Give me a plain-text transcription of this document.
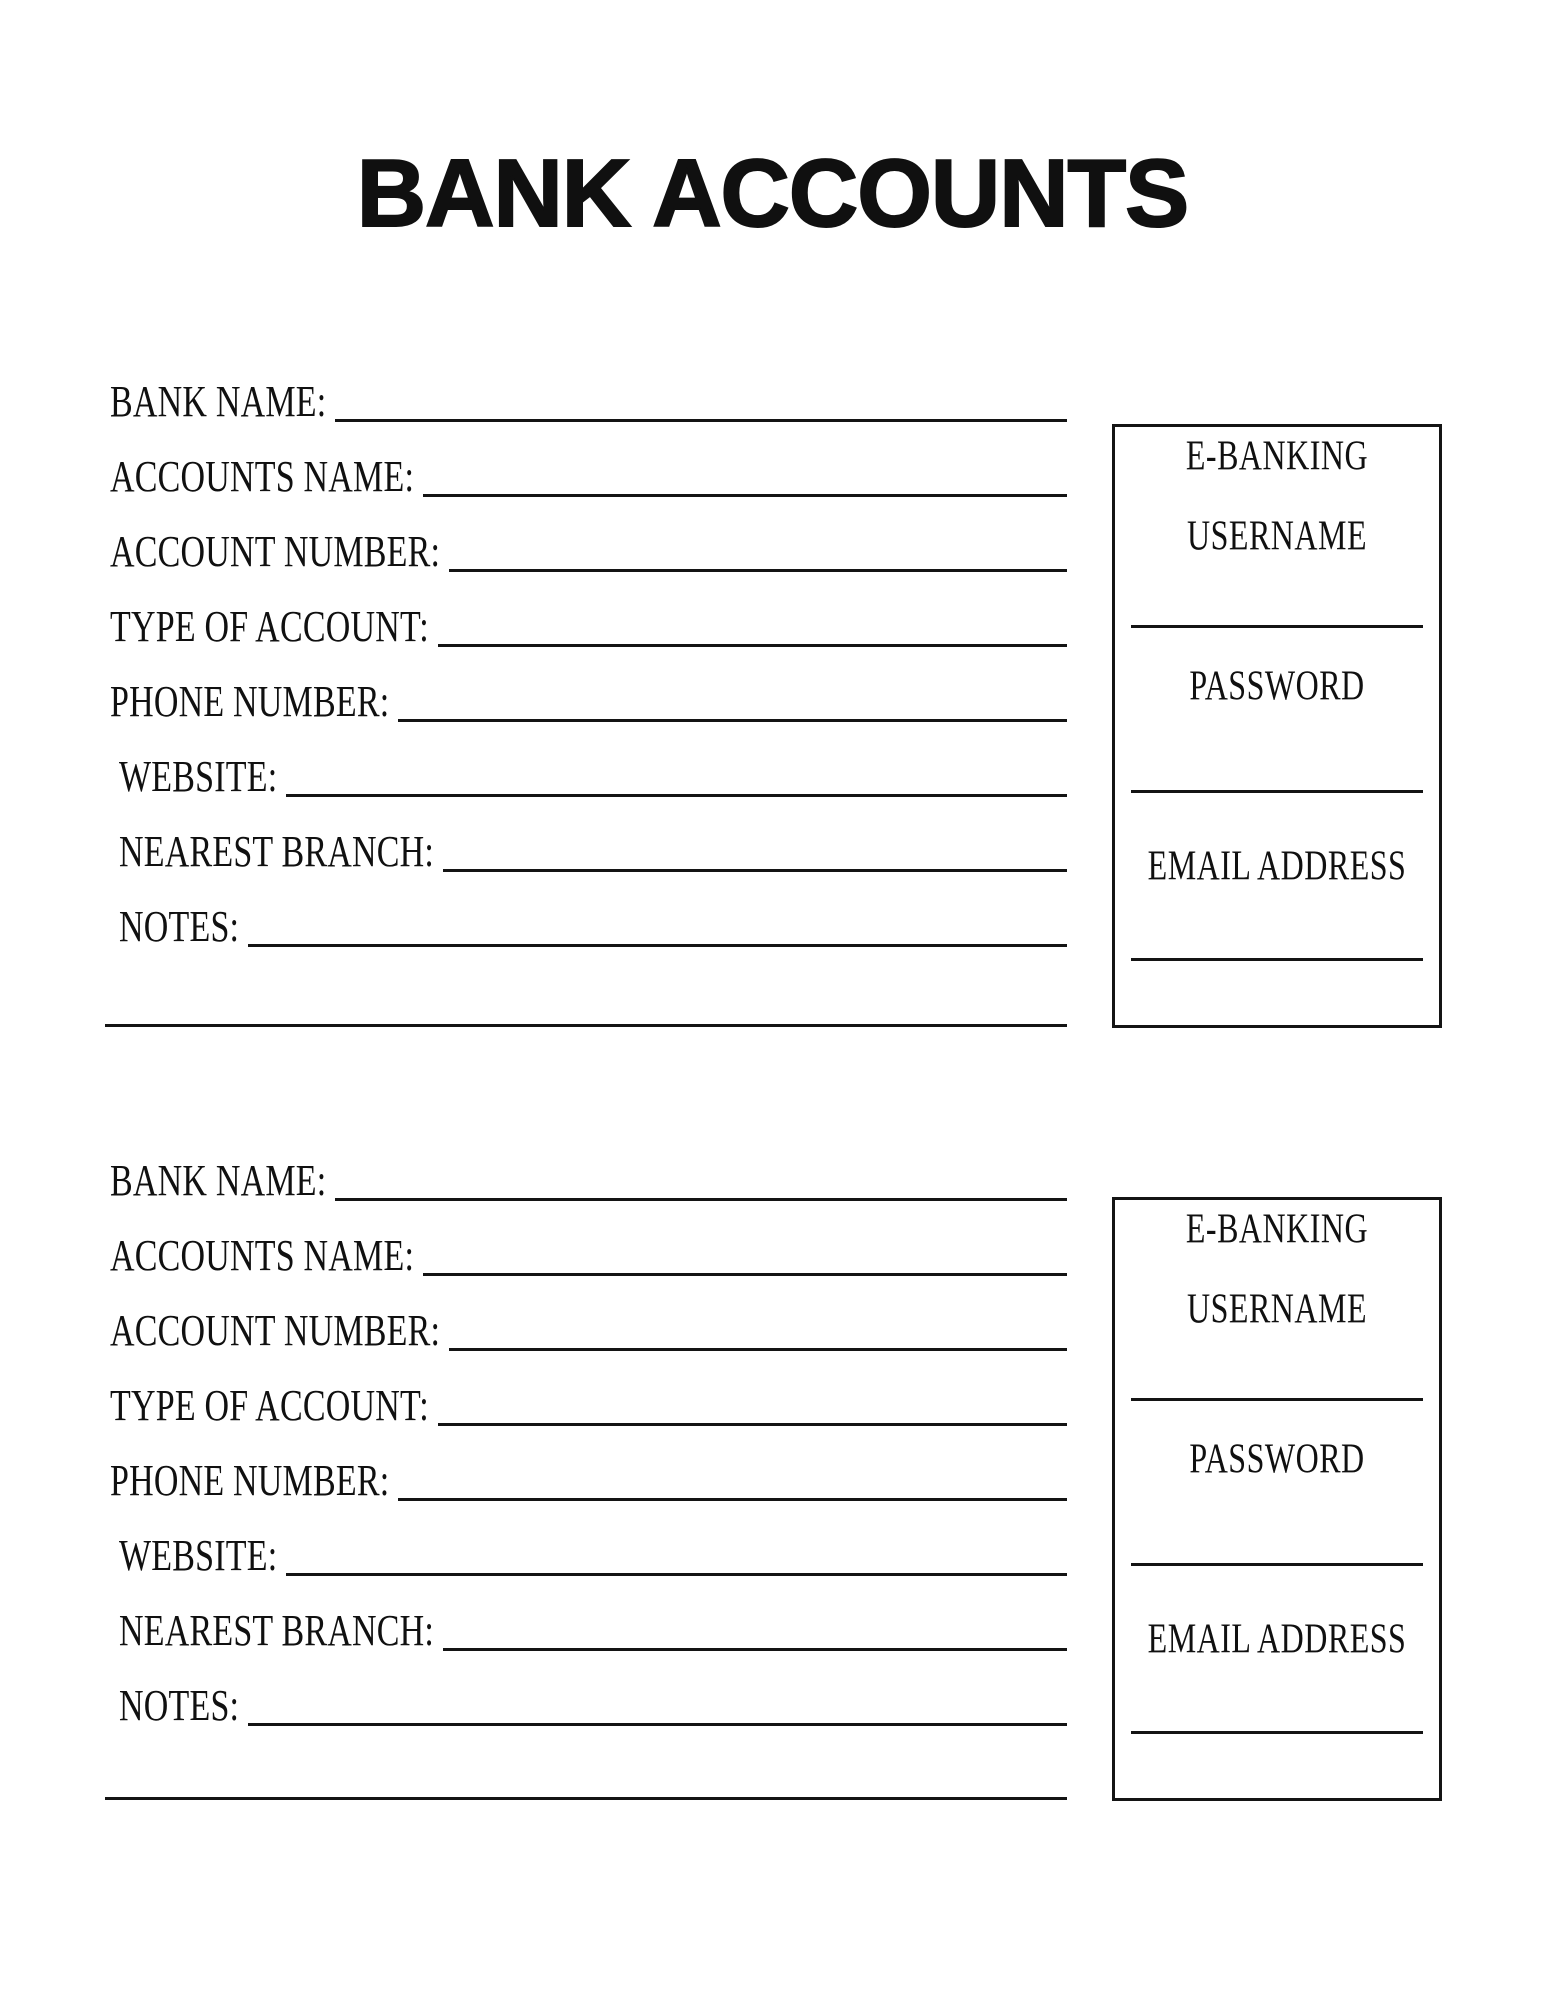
BANK ACCOUNTS
BANK NAME:
ACCOUNTS NAME:
ACCOUNT NUMBER:
TYPE OF ACCOUNT:
PHONE NUMBER:
WEBSITE:
NEAREST BRANCH:
NOTES:
E-BANKING
USERNAME
PASSWORD
EMAIL ADDRESS
BANK NAME:
ACCOUNTS NAME:
ACCOUNT NUMBER:
TYPE OF ACCOUNT:
PHONE NUMBER:
WEBSITE:
NEAREST BRANCH:
NOTES:
E-BANKING
USERNAME
PASSWORD
EMAIL ADDRESS
